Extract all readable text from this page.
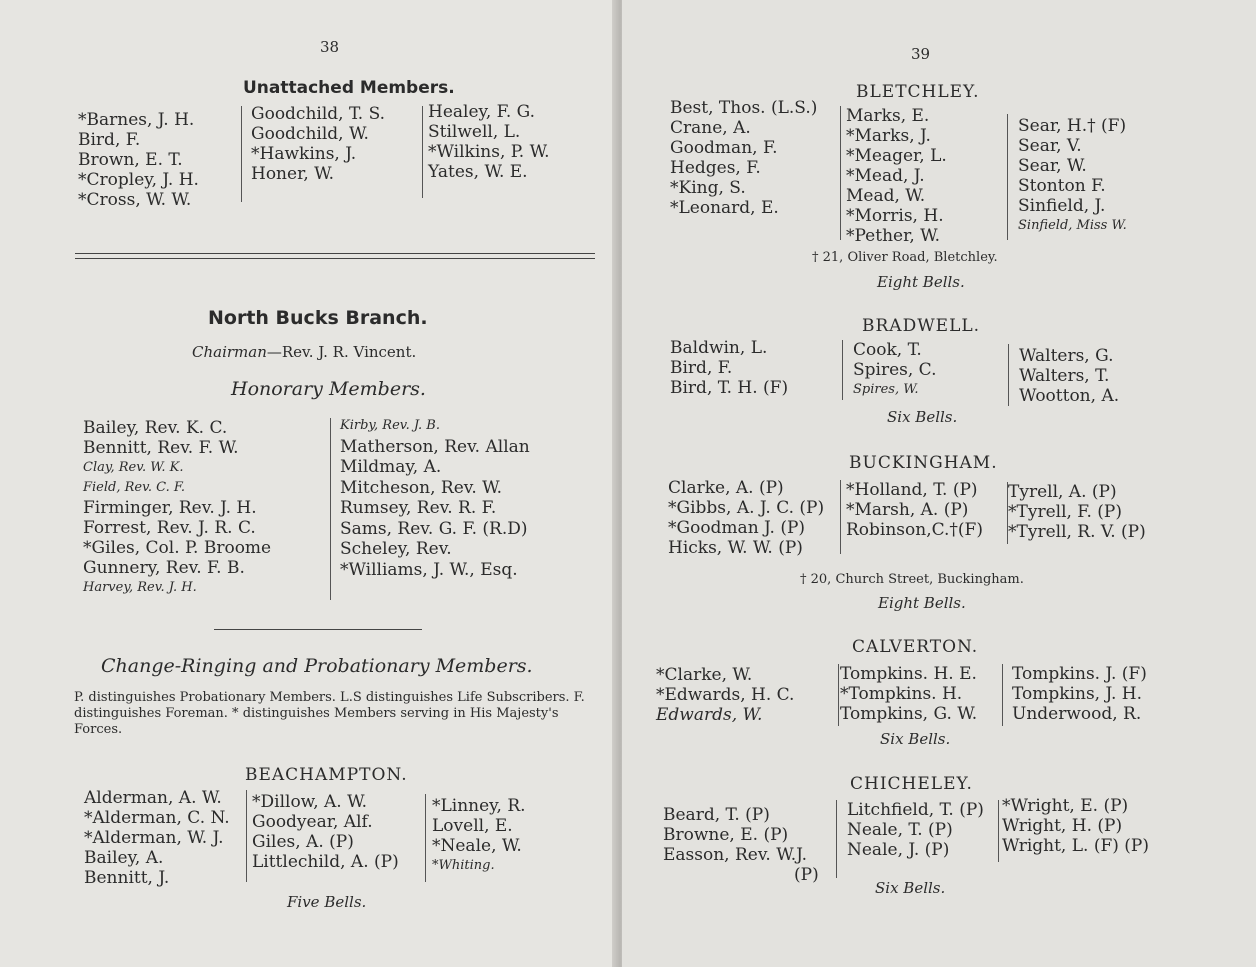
38
Unattached Members.
*Barnes, J. H.
Bird, F.
Brown, E. T.
*Cropley, J. H.
*Cross, W. W.
Goodchild, T. S.
Goodchild, W.
*Hawkins, J.
Honer, W.
Healey, F. G.
Stilwell, L.
*Wilkins, P. W.
Yates, W. E.
North Bucks Branch.
Chairman—Rev. J. R. Vincent.
Honorary Members.
Bailey, Rev. K. C.
Bennitt, Rev. F. W.
Clay, Rev. W. K.
Field, Rev. C. F.
Firminger, Rev. J. H.
Forrest, Rev. J. R. C.
*Giles, Col. P. Broome
Gunnery, Rev. F. B.
Harvey, Rev. J. H.
Kirby, Rev. J. B.
Matherson, Rev. Allan
Mildmay, A.
Mitcheson, Rev. W.
Rumsey, Rev. R. F.
Sams, Rev. G. F. (R.D)
Scheley, Rev.
*Williams, J. W., Esq.
Change-Ringing and Probationary Members.
P. distinguishes Probationary Members. L.S distinguishes Life Subscribers. F. distinguishes Foreman. * distinguishes Members serving in His Majesty's Forces.
BEACHAMPTON.
Alderman, A. W.
*Alderman, C. N.
*Alderman, W. J.
Bailey, A.
Bennitt, J.
*Dillow, A. W.
Goodyear, Alf.
Giles, A. (P)
Littlechild, A. (P)
*Linney, R.
Lovell, E.
*Neale, W.
*Whiting.
Five Bells.
39
BLETCHLEY.
Best, Thos. (L.S.)
Crane, A.
Goodman, F.
Hedges, F.
*King, S.
*Leonard, E.
Marks, E.
*Marks, J.
*Meager, L.
*Mead, J.
Mead, W.
*Morris, H.
*Pether, W.
Sear, H.† (F)
Sear, V.
Sear, W.
Stonton F.
Sinfield, J.
Sinfield, Miss W.
† 21, Oliver Road, Bletchley.
Eight Bells.
BRADWELL.
Baldwin, L.
Bird, F.
Bird, T. H. (F)
Cook, T.
Spires, C.
Spires, W.
Walters, G.
Walters, T.
Wootton, A.
Six Bells.
BUCKINGHAM.
Clarke, A. (P)
*Gibbs, A. J. C. (P)
*Goodman J. (P)
Hicks, W. W. (P)
*Holland, T. (P)
*Marsh, A. (P)
Robinson,C.†(F)
Tyrell, A. (P)
*Tyrell, F. (P)
*Tyrell, R. V. (P)
† 20, Church Street, Buckingham.
Eight Bells.
CALVERTON.
*Clarke, W.
*Edwards, H. C.
Edwards, W.
Tompkins. H. E.
*Tompkins. H.
Tompkins, G. W.
Tompkins. J. (F)
Tompkins, J. H.
Underwood, R.
Six Bells.
CHICHELEY.
Beard, T. (P)
Browne, E. (P)
Easson, Rev. W.J.
(P)
Litchfield, T. (P)
Neale, T. (P)
Neale, J. (P)
*Wright, E. (P)
Wright, H. (P)
Wright, L. (F) (P)
Six Bells.
